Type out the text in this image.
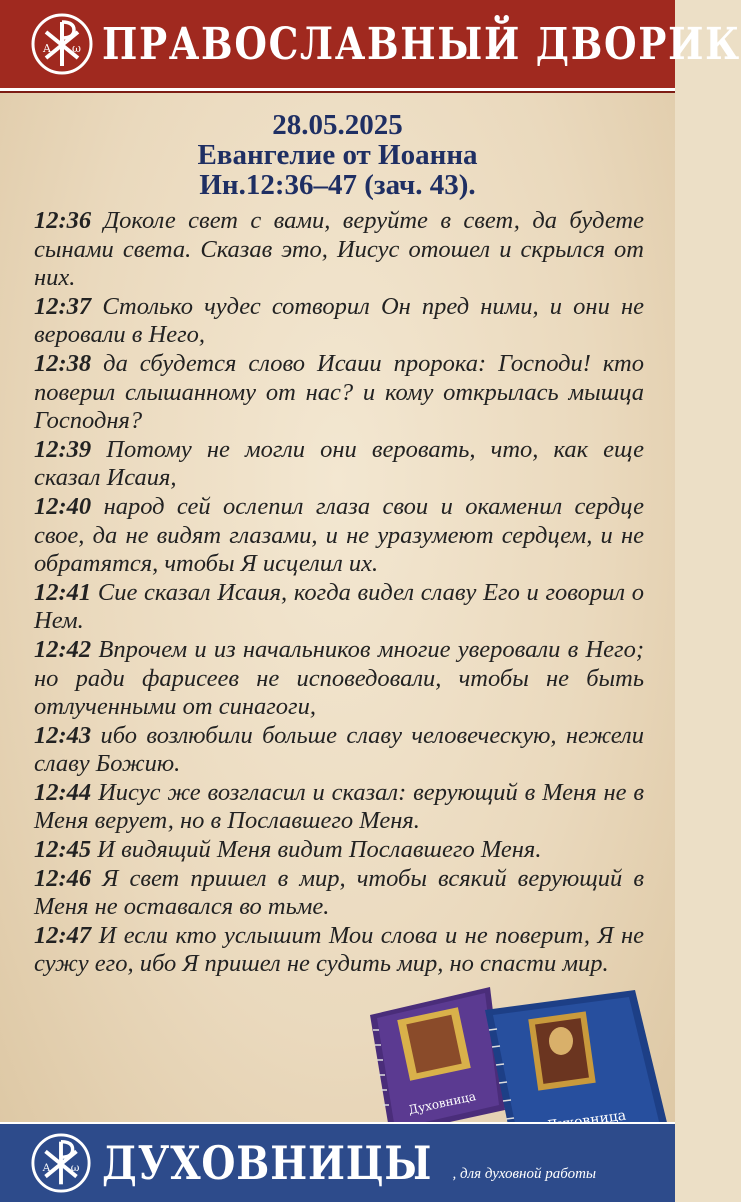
A ω ПРАВОСЛАВНЫЙ ДВОРИК
28.05.2025
Евангелие от Иоанна
Ин.12:36–47 (зач. 43).

12:36 Доколе свет с вами, веруйте в свет, да будете сынами света. Сказав это, Иисус отошел и скрылся от них.

12:37 Столько чудес сотворил Он пред ними, и они не веровали в Него,

12:38 да сбудется слово Исаии пророка: Господи! кто поверил слышанному от нас? и кому открылась мышца Господня?

12:39 Потому не могли они веровать, что, как еще сказал Исаия,

12:40 народ сей ослепил глаза свои и окаменил сердце свое, да не видят глазами, и не уразумеют сердцем, и не обратятся, чтобы Я исцелил их.

12:41 Сие сказал Исаия, когда видел славу Его и говорил о Нем.

12:42 Впрочем и из начальников многие уверовали в Него; но ради фарисеев не исповедовали, чтобы не быть отлученными от синагоги,

12:43 ибо возлюбили больше славу человеческую, нежели славу Божию.

12:44 Иисус же возгласил и сказал: верующий в Меня не в Меня верует, но в Пославшего Меня.

12:45 И видящий Меня видит Пославшего Меня.

12:46 Я свет пришел в мир, чтобы всякий верующий в Меня не оставался во тьме.

12:47 И если кто услышит Мои слова и не поверит, Я не сужу его, ибо Я пришел не судить мир, но спасти мир.

Духовница
A ω ДУХОВНИЦЫ , для духовной работы
